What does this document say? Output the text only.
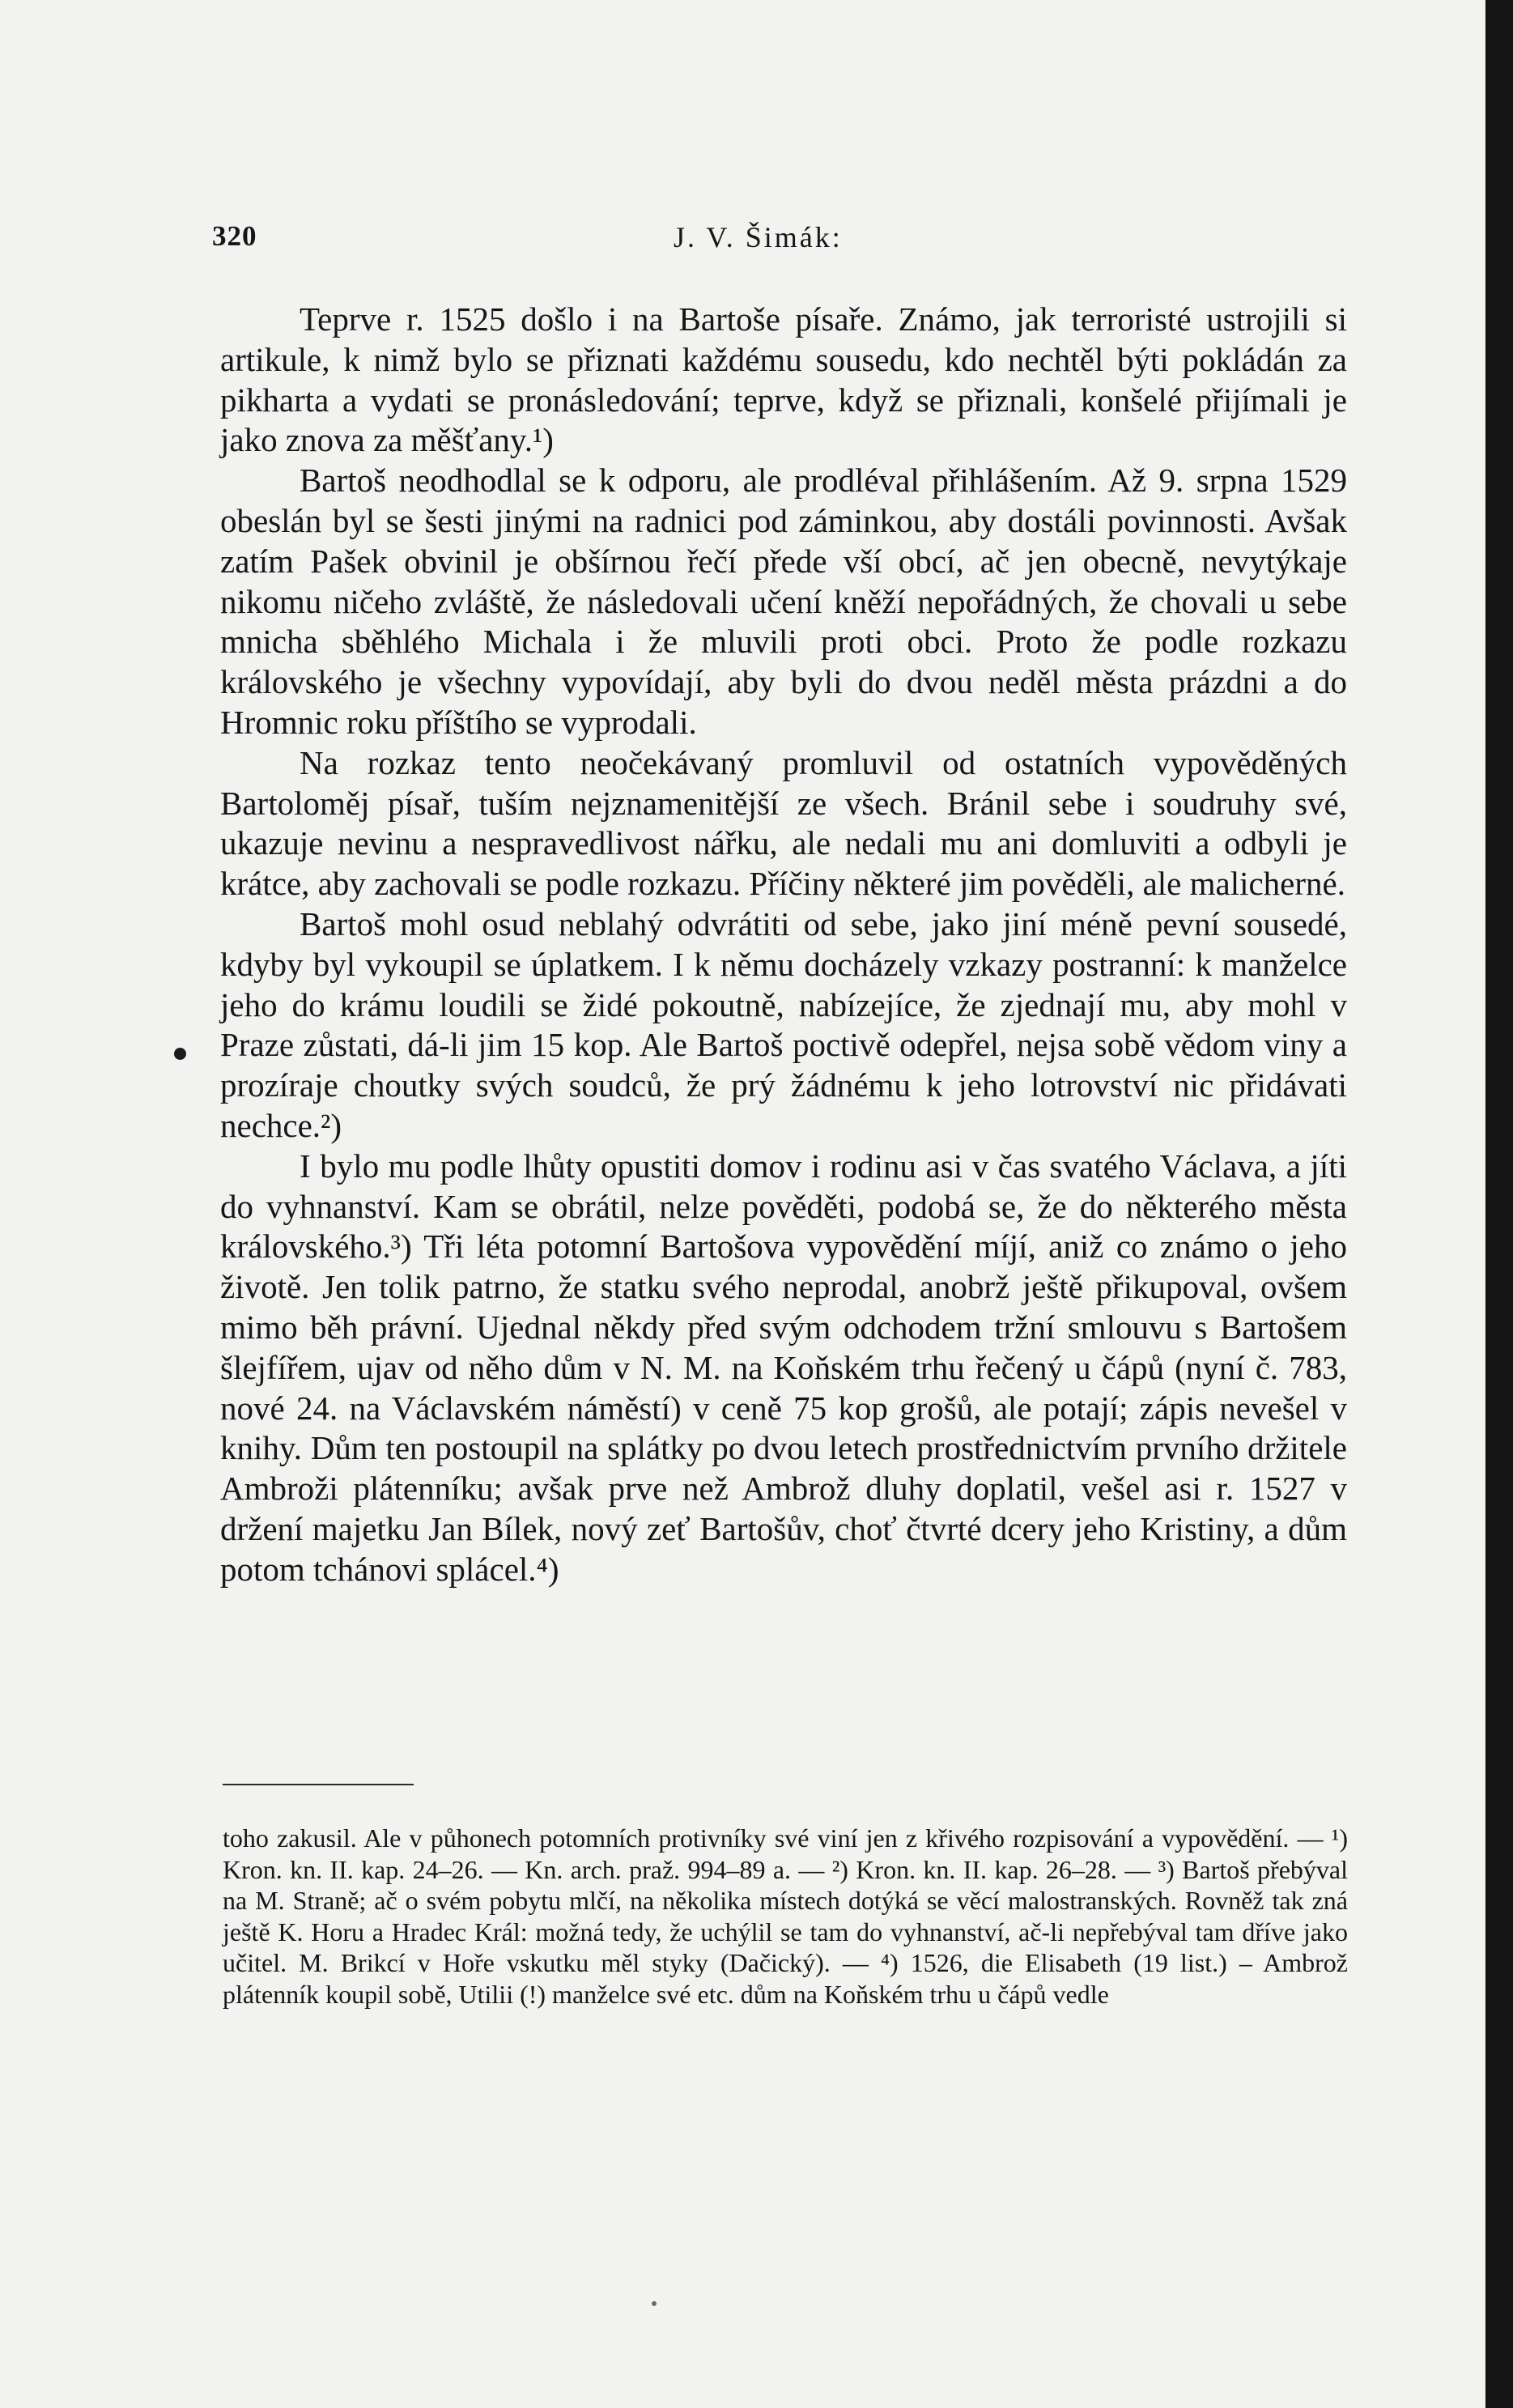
320	J. V. Šimák:

Teprve r. 1525 došlo i na Bartoše písaře. Známo, jak terroristé ustrojili si artikule, k nimž bylo se přiznati každému sousedu, kdo nechtěl býti pokládán za pikharta a vydati se pronásledování; teprve, když se přiznali, konšelé přijímali je jako znova za měšťany.¹)

Bartoš neodhodlal se k odporu, ale prodléval přihlášením. Až 9. srpna 1529 obeslán byl se šesti jinými na radnici pod záminkou, aby dostáli povinnosti. Avšak zatím Pašek obvinil je obšírnou řečí přede vší obcí, ač jen obecně, nevytýkaje nikomu ničeho zvláště, že následovali učení kněží nepořádných, že chovali u sebe mnicha sběhlého Michala i že mluvili proti obci. Proto že podle rozkazu královského je všechny vypovídají, aby byli do dvou neděl města prázdni a do Hromnic roku příštího se vyprodali.

Na rozkaz tento neočekávaný promluvil od ostatních vypověděných Bartoloměj písař, tuším nejznamenitější ze všech. Bránil sebe i soudruhy své, ukazuje nevinu a nespravedlivost nářku, ale nedali mu ani domluviti a odbyli je krátce, aby zachovali se podle rozkazu. Příčiny některé jim pověděli, ale malicherné.

Bartoš mohl osud neblahý odvrátiti od sebe, jako jiní méně pevní sousedé, kdyby byl vykoupil se úplatkem. I k němu docházely vzkazy postranní: k manželce jeho do krámu loudili se židé pokoutně, nabízejíce, že zjednají mu, aby mohl v Praze zůstati, dá-li jim 15 kop. Ale Bartoš poctivě odepřel, nejsa sobě vědom viny a prozíraje choutky svých soudců, že prý žádnému k jeho lotrovství nic přidávati nechce.²)

I bylo mu podle lhůty opustiti domov i rodinu asi v čas svatého Václava, a jíti do vyhnanství. Kam se obrátil, nelze pověděti, podobá se, že do některého města královského.³) Tři léta potomní Bartošova vypovědění míjí, aniž co známo o jeho životě. Jen tolik patrno, že statku svého neprodal, anobrž ještě přikupoval, ovšem mimo běh právní. Ujednal někdy před svým odchodem tržní smlouvu s Bartošem šlejfířem, ujav od něho dům v N. M. na Koňském trhu řečený u čápů (nyní č. 783, nové 24. na Václavském náměstí) v ceně 75 kop grošů, ale potají; zápis nevešel v knihy. Dům ten postoupil na splátky po dvou letech prostřednictvím prvního držitele Ambroži plátenníku; avšak prve než Ambrož dluhy doplatil, vešel asi r. 1527 v držení majetku Jan Bílek, nový zeť Bartošův, choť čtvrté dcery jeho Kristiny, a dům potom tchánovi splácel.⁴)

toho zakusil. Ale v půhonech potomních protivníky své viní jen z křivého rozpisování a vypovědění. — ¹) Kron. kn. II. kap. 24–26. — Kn. arch. praž. 994–89 a. — ²) Kron. kn. II. kap. 26–28. — ³) Bartoš přebýval na M. Straně; ač o svém pobytu mlčí, na několika místech dotýká se věcí malostranských. Rovněž tak zná ještě K. Horu a Hradec Král: možná tedy, že uchýlil se tam do vyhnanství, ač-li nepřebýval tam dříve jako učitel. M. Brikcí v Hoře vskutku měl styky (Dačický). — ⁴) 1526, die Elisabeth (19 list.) – Ambrož plátenník koupil sobě, Utilii (!) manželce své etc. dům na Koňském trhu u čápů vedle
